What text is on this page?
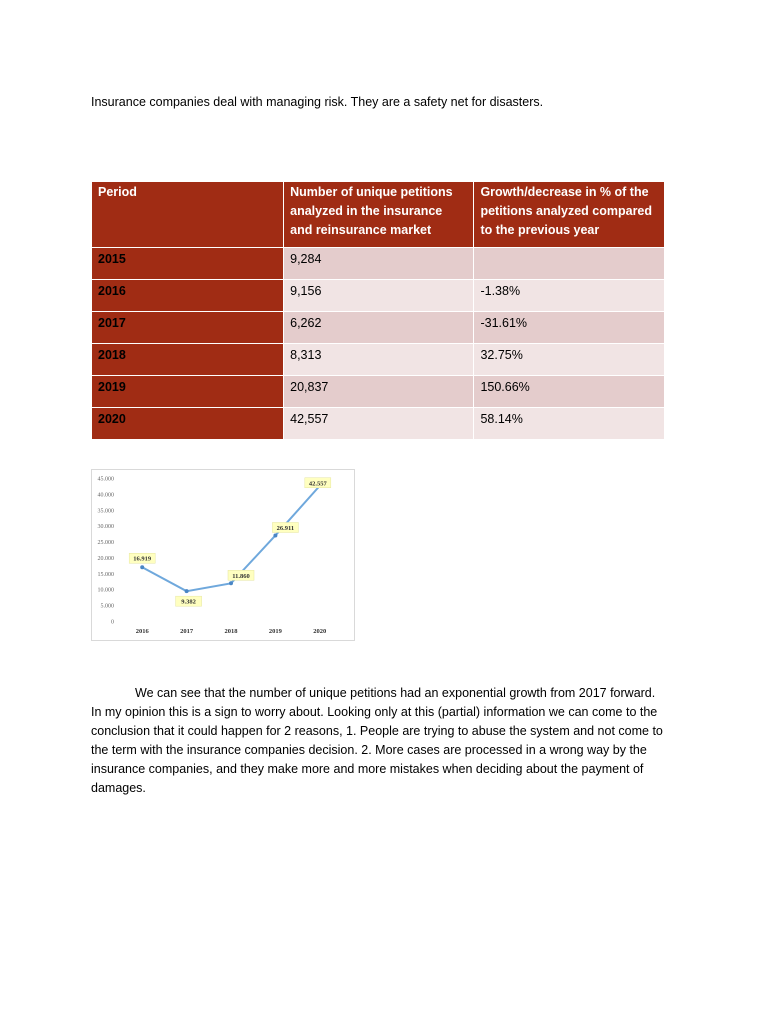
Insurance companies deal with managing risk. They are a safety net for disasters.

Period	Number of unique petitions analyzed in the insurance and reinsurance market	Growth/decrease in % of the petitions analyzed compared to the previous year
2015	9,284	
2016	9,156	-1.38%
2017	6,262	-31.61%
2018	8,313	32.75%
2019	20,837	150.66%
2020	42,557	58.14%
0
5.000
10.000
15.000
20.000
25.000
30.000
35.000
40.000
45.000
2016	2017	2018	2019	2020
16.919
9.382
11.860
26.911
42.557
We can see that the number of unique petitions had an exponential growth from 2017 forward.
In my opinion this is a sign to worry about. Looking only at this (partial) information we can come to the
conclusion that it could happen for 2 reasons, 1. People are trying to abuse the system and not come to
the term with the insurance companies decision. 2. More cases are processed in a wrong way by the
insurance companies, and they make more and more mistakes when deciding about the payment of
damages.
